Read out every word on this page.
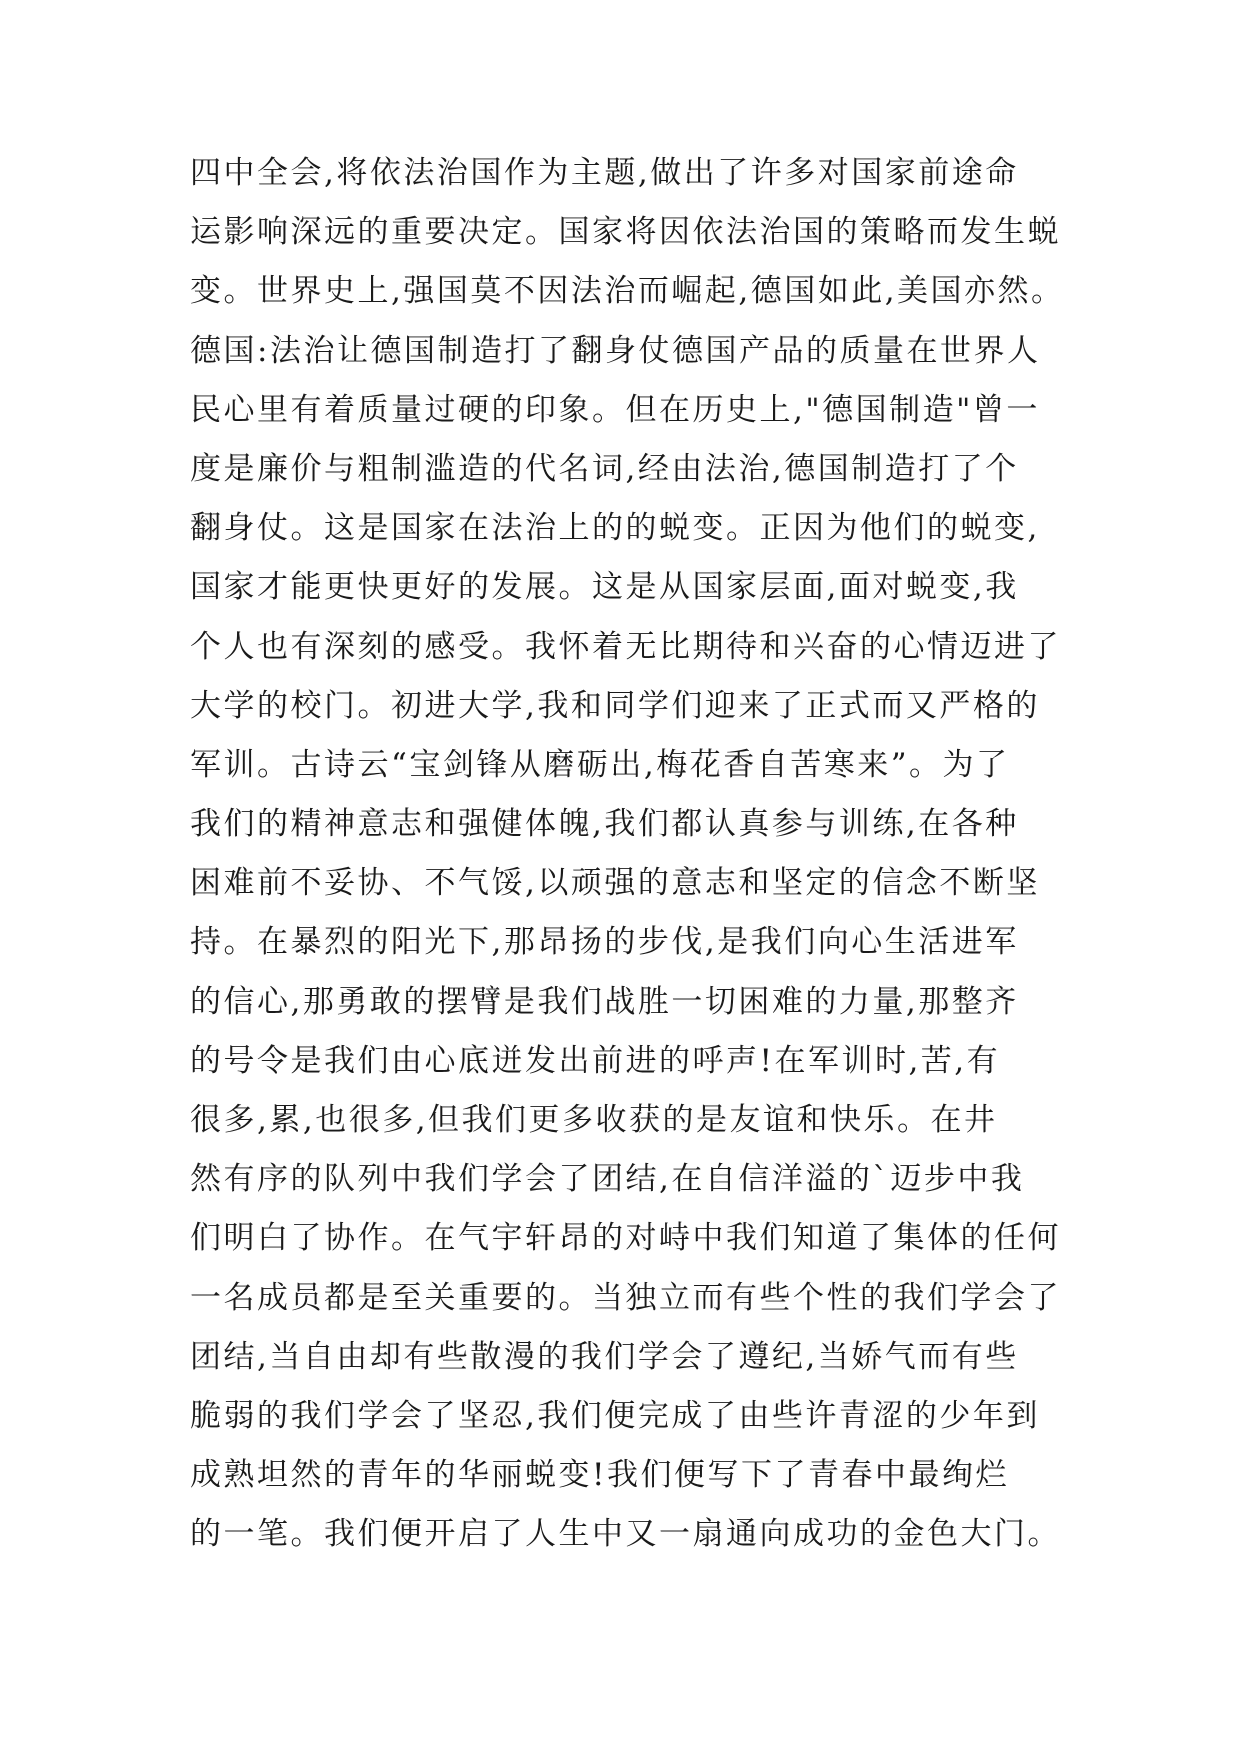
四中全会,将依法治国作为主题,做出了许多对国家前途命
运影响深远的重要决定。国家将因依法治国的策略而发生蜕
变。世界史上,强国莫不因法治而崛起,德国如此,美国亦然。
德国:法治让德国制造打了翻身仗德国产品的质量在世界人
民心里有着质量过硬的印象。但在历史上,"德国制造"曾一
度是廉价与粗制滥造的代名词,经由法治,德国制造打了个
翻身仗。这是国家在法治上的的蜕变。正因为他们的蜕变,
国家才能更快更好的发展。这是从国家层面,面对蜕变,我
个人也有深刻的感受。我怀着无比期待和兴奋的心情迈进了
大学的校门。初进大学,我和同学们迎来了正式而又严格的
军训。古诗云“宝剑锋从磨砺出,梅花香自苦寒来”。为了
我们的精神意志和强健体魄,我们都认真参与训练,在各种
困难前不妥协、不气馁,以顽强的意志和坚定的信念不断坚
持。在暴烈的阳光下,那昂扬的步伐,是我们向心生活进军
的信心,那勇敢的摆臂是我们战胜一切困难的力量,那整齐
的号令是我们由心底迸发出前进的呼声!在军训时,苦,有
很多,累,也很多,但我们更多收获的是友谊和快乐。在井
然有序的队列中我们学会了团结,在自信洋溢的`迈步中我
们明白了协作。在气宇轩昂的对峙中我们知道了集体的任何
一名成员都是至关重要的。当独立而有些个性的我们学会了
团结,当自由却有些散漫的我们学会了遵纪,当娇气而有些
脆弱的我们学会了坚忍,我们便完成了由些许青涩的少年到
成熟坦然的青年的华丽蜕变!我们便写下了青春中最绚烂
的一笔。我们便开启了人生中又一扇通向成功的金色大门。
